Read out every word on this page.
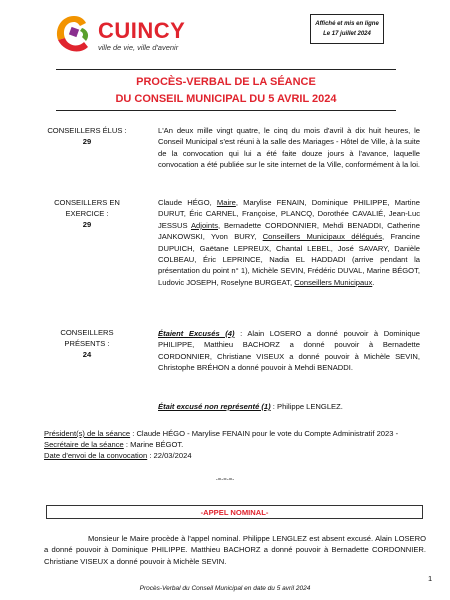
CUINCY
ville de vie, ville d'avenir
Affiché et mis en ligne
Le 17 juillet 2024
PROCÈS-VERBAL DE LA SÉANCE
DU CONSEIL MUNICIPAL DU 5 AVRIL 2024
CONSEILLERS ÉLUS :
29
L'An deux mille vingt quatre, le cinq du mois d'avril à dix huit heures, le Conseil Municipal s'est réuni à la salle des Mariages - Hôtel de Ville, à la suite de la convocation qui lui a été faite douze jours à l'avance, laquelle convocation a été publiée sur le site internet de la Ville, conformément à la loi.
CONSEILLERS EN
EXERCICE :
29
Claude HÉGO, Maire, Marylise FENAIN, Dominique PHILIPPE, Martine DURUT, Éric CARNEL, Françoise, PLANCQ, Dorothée CAVALIÉ, Jean-Luc JESSUS Adjoints, Bernadette CORDONNIER, Mehdi BENADDI, Catherine JANKOWSKI, Yvon BURY, Conseillers Municipaux délégués, Francine DUPUICH, Gaëtane LEPREUX, Chantal LEBEL, José SAVARY, Danièle COLBEAU, Éric LEPRINCE, Nadia EL HADDADI (arrive pendant la présentation du point n° 1), Michèle SEVIN, Frédéric DUVAL, Marine BÉGOT, Ludovic JOSEPH, Roselyne BURGEAT, Conseillers Municipaux.
CONSEILLERS
PRÉSENTS :
24
Étaient Excusés (4) : Alain LOSERO a donné pouvoir à Dominique PHILIPPE, Matthieu BACHORZ a donné pouvoir à Bernadette CORDONNIER, Christiane VISEUX a donné pouvoir à Michèle SEVIN, Christophe BRÉHON a donné pouvoir à Mehdi BENADDI.
Était excusé non représenté (1) : Philippe LENGLEZ.
Président(s) de la séance : Claude HÉGO - Marylise FENAIN pour le vote du Compte Administratif 2023 - Secrétaire de la séance : Marine BÉGOT.
Date d'envoi de la convocation : 22/03/2024
-=-=-=-
-APPEL NOMINAL-
Monsieur le Maire procède à l'appel nominal. Philippe LENGLEZ est absent excusé. Alain LOSERO a donné pouvoir à Dominique PHILIPPE. Matthieu BACHORZ a donné pouvoir à Bernadette CORDONNIER. Christiane VISEUX a donné pouvoir à Michèle SEVIN.
1
Procès-Verbal du Conseil Municipal en date du 5 avril 2024
